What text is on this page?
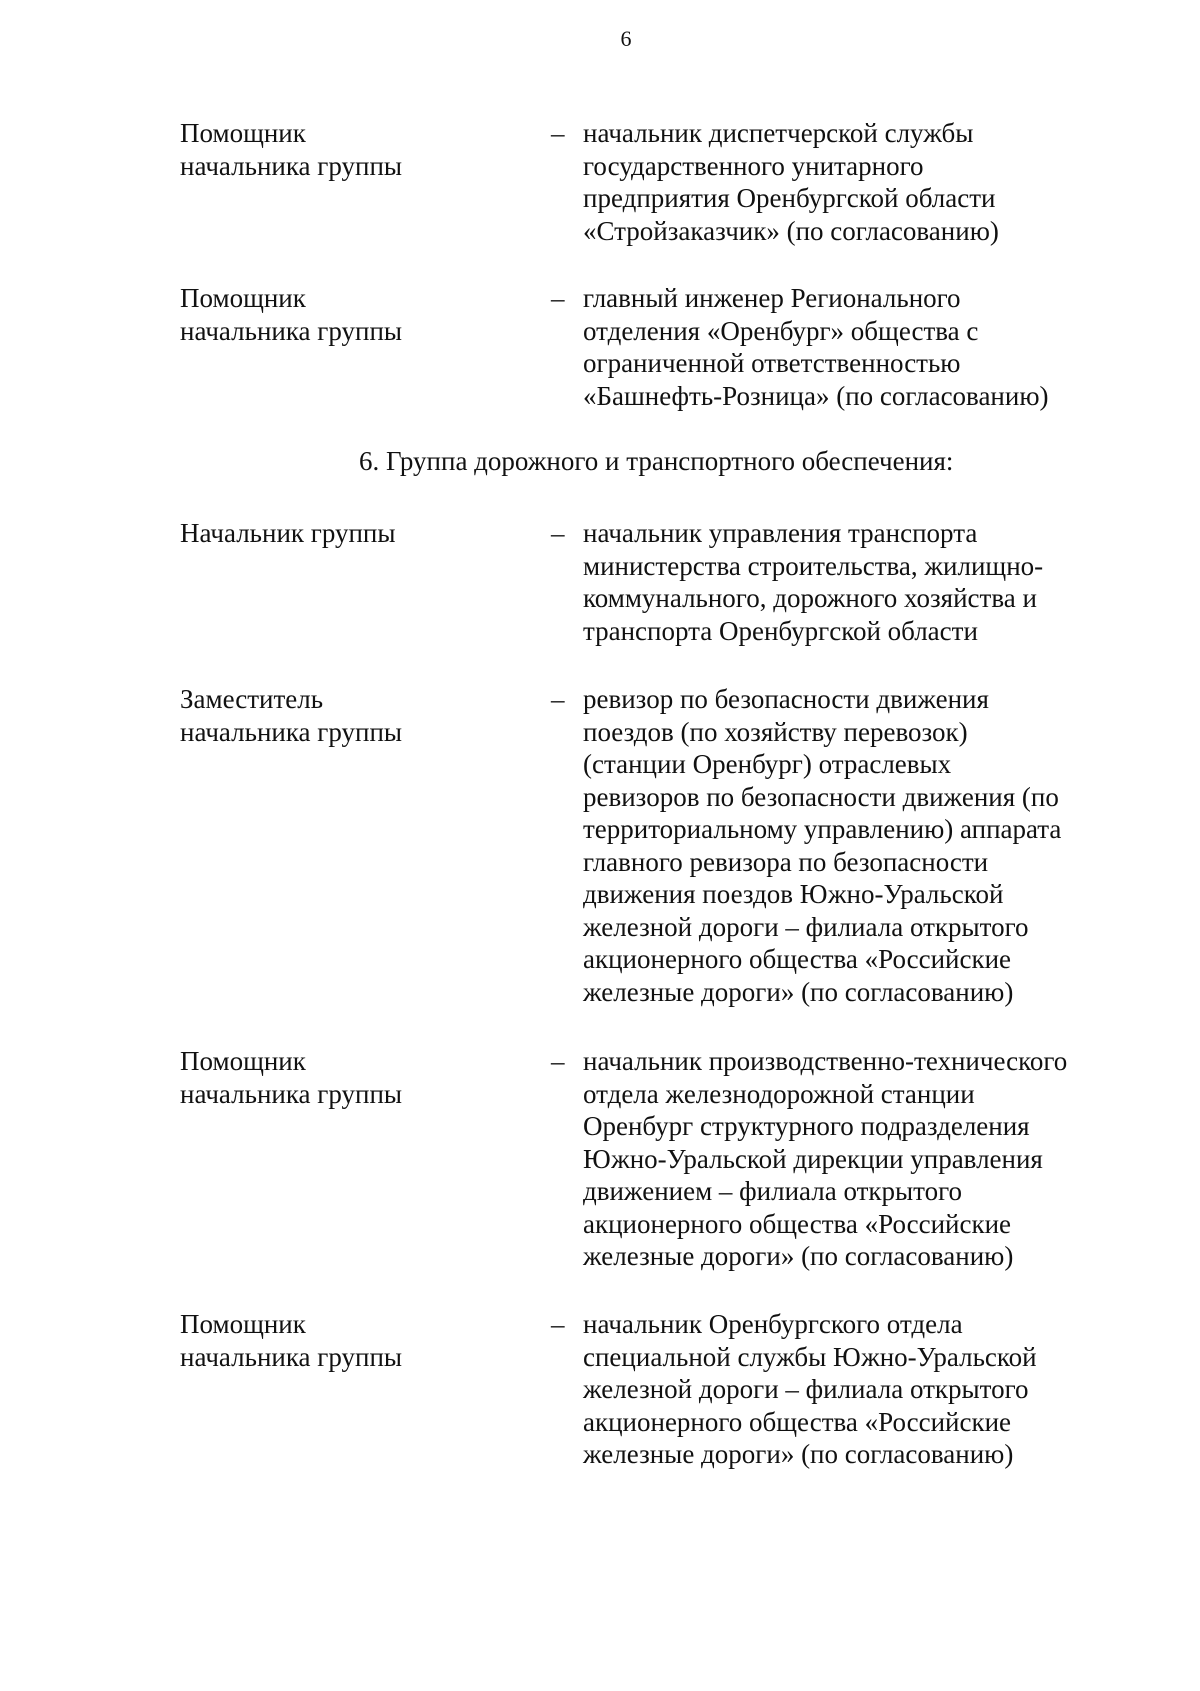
6
Помощник
начальника группы
– начальник диспетчерской службы
государственного унитарного
предприятия Оренбургской области
«Стройзаказчик» (по согласованию)
Помощник
начальника группы
– главный инженер Регионального
отделения «Оренбург» общества с
ограниченной ответственностью
«Башнефть-Розница» (по согласованию)
6. Группа дорожного и транспортного обеспечения:
Начальник группы	– начальник управления транспорта
министерства строительства, жилищно-
коммунального, дорожного хозяйства и
транспорта Оренбургской области
Заместитель
начальника группы
– ревизор по безопасности движения
поездов (по хозяйству перевозок)
(станции Оренбург) отраслевых
ревизоров по безопасности движения (по
территориальному управлению) аппарата
главного ревизора по безопасности
движения поездов Южно-Уральской
железной дороги – филиала открытого
акционерного общества «Российские
железные дороги» (по согласованию)
Помощник
начальника группы
– начальник производственно-технического
отдела железнодорожной станции
Оренбург структурного подразделения
Южно-Уральской дирекции управления
движением – филиала открытого
акционерного общества «Российские
железные дороги» (по согласованию)
Помощник
начальника группы
– начальник Оренбургского отдела
специальной службы Южно-Уральской
железной дороги – филиала открытого
акционерного общества «Российские
железные дороги» (по согласованию)
